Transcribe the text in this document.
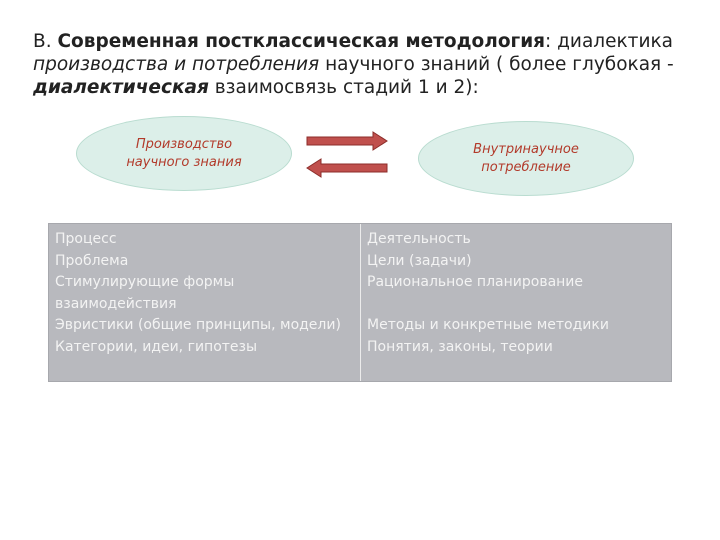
В. Современная постклассическая методология: диалектика
производства и потребления научного знаний ( более глубокая -
диалектическая взаимосвязь стадий 1 и 2):
Производство
научного знания
Внутринаучное
потребление
Процесс
Проблема
Стимулирующие формы
взаимодействия
Эвристики (общие принципы, модели)
Категории, идеи, гипотезы
Деятельность
Цели (задачи)
Рациональное планирование

Методы и конкретные методики
Понятия, законы, теории
